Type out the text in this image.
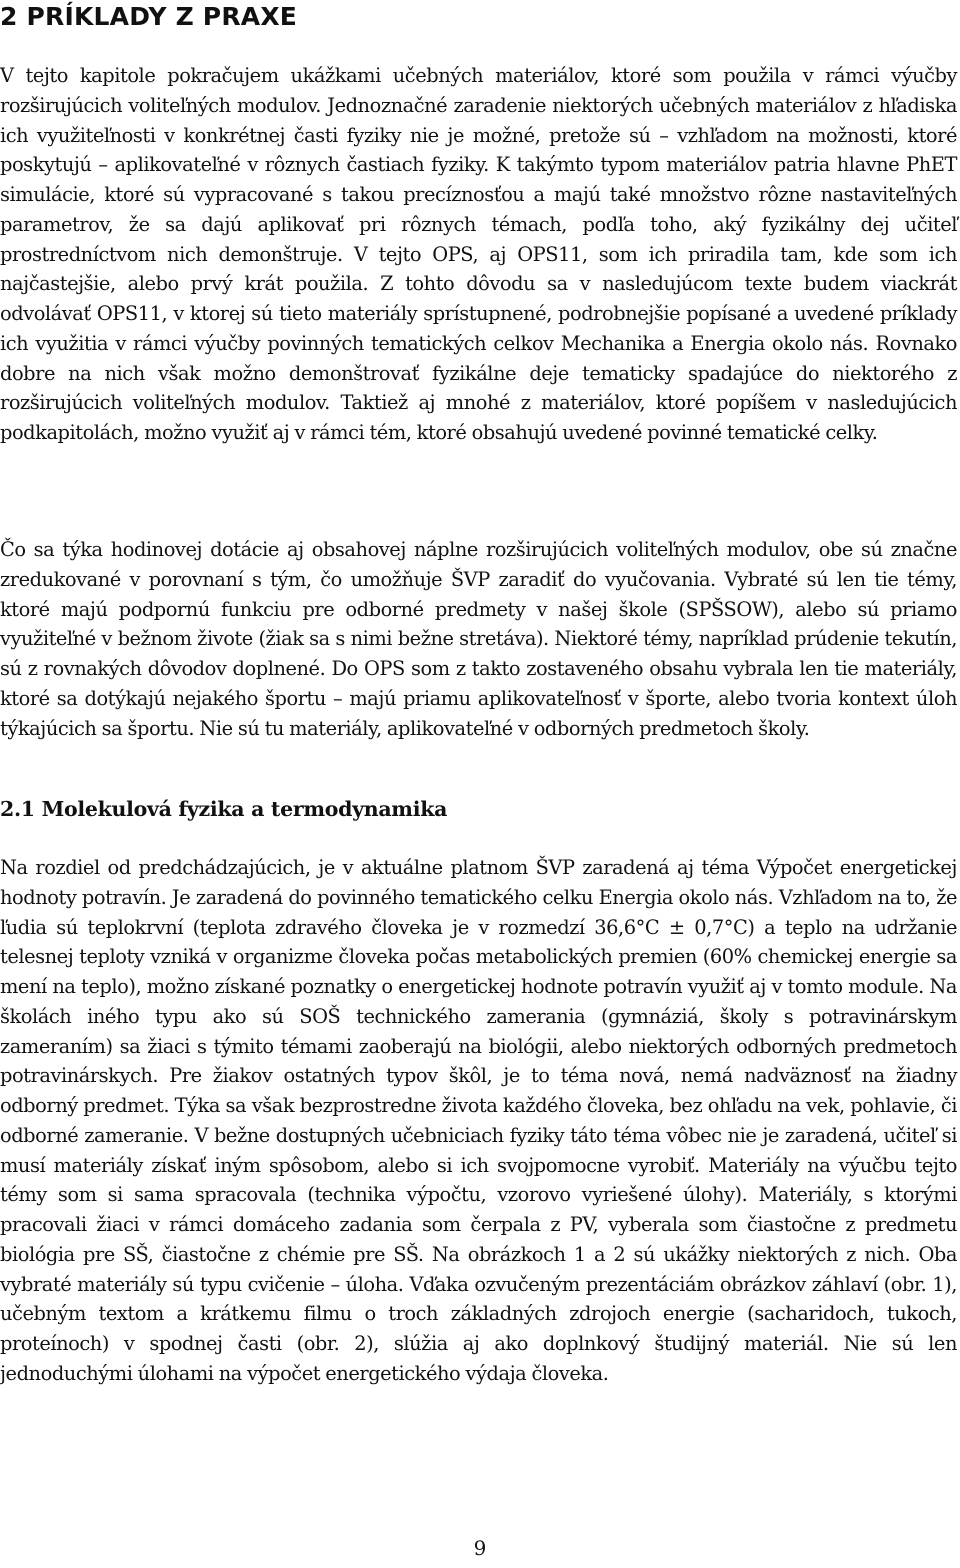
2 PRÍKLADY Z PRAXE

V tejto kapitole pokračujem ukážkami učebných materiálov, ktoré som použila v rámci výučby rozširujúcich voliteľných modulov. Jednoznačné zaradenie niektorých učebných materiálov z hľadiska ich využiteľnosti v konkrétnej časti fyziky nie je možné, pretože sú – vzhľadom na možnosti, ktoré poskytujú – aplikovateľné v rôznych častiach fyziky. K takýmto typom materiálov patria hlavne PhET simulácie, ktoré sú vypracované s takou precíznosťou a majú také množstvo rôzne nastaviteľných parametrov, že sa dajú aplikovať pri rôznych témach, podľa toho, aký fyzikálny dej učiteľ prostredníctvom nich demonštruje. V tejto OPS, aj OPS11, som ich priradila tam, kde som ich najčastejšie, alebo prvý krát použila. Z tohto dôvodu sa v nasledujúcom texte budem viackrát odvolávať OPS11, v ktorej sú tieto materiály sprístupnené, podrobnejšie popísané a uvedené príklady ich využitia v rámci výučby povinných tematických celkov Mechanika a Energia okolo nás. Rovnako dobre na nich však možno demonštrovať fyzikálne deje tematicky spadajúce do niektorého z rozširujúcich voliteľných modulov. Taktiež aj mnohé z materiálov, ktoré popíšem v nasledujúcich podkapitolách, možno využiť aj v rámci tém, ktoré obsahujú uvedené povinné tematické celky.

Čo sa týka hodinovej dotácie aj obsahovej náplne rozširujúcich voliteľných modulov, obe sú značne zredukované v porovnaní s tým, čo umožňuje ŠVP zaradiť do vyučovania. Vybraté sú len tie témy, ktoré majú podpornú funkciu pre odborné predmety v našej škole (SPŠSOW), alebo sú priamo využiteľné v bežnom živote (žiak sa s nimi bežne stretáva). Niektoré témy, napríklad prúdenie tekutín, sú z rovnakých dôvodov doplnené. Do OPS som z takto zostaveného obsahu vybrala len tie materiály, ktoré sa dotýkajú nejakého športu – majú priamu aplikovateľnosť v športe, alebo tvoria kontext úloh týkajúcich sa športu. Nie sú tu materiály, aplikovateľné v odborných predmetoch školy.

2.1 Molekulová fyzika a termodynamika

Na rozdiel od predchádzajúcich, je v aktuálne platnom ŠVP zaradená aj téma Výpočet energetickej hodnoty potravín. Je zaradená do povinného tematického celku Energia okolo nás. Vzhľadom na to, že ľudia sú teplokrvní (teplota zdravého človeka je v rozmedzí 36,6°C ± 0,7°C) a teplo na udržanie telesnej teploty vzniká v organizme človeka počas metabolických premien (60% chemickej energie sa mení na teplo), možno získané poznatky o energetickej hodnote potravín využiť aj v tomto module. Na školách iného typu ako sú SOŠ technického zamerania (gymnáziá, školy s potravinárskym zameraním) sa žiaci s týmito témami zaoberajú na biológii, alebo niektorých odborných predmetoch potravinárskych. Pre žiakov ostatných typov škôl, je to téma nová, nemá nadväznosť na žiadny odborný predmet. Týka sa však bezprostredne života každého človeka, bez ohľadu na vek, pohlavie, či odborné zameranie. V bežne dostupných učebniciach fyziky táto téma vôbec nie je zaradená, učiteľ si musí materiály získať iným spôsobom, alebo si ich svojpomocne vyrobiť. Materiály na výučbu tejto témy som si sama spracovala (technika výpočtu, vzorovo vyriešené úlohy). Materiály, s ktorými pracovali žiaci v rámci domáceho zadania som čerpala z PV, vyberala som čiastočne z predmetu biológia pre SŠ, čiastočne z chémie pre SŠ. Na obrázkoch 1 a 2 sú ukážky niektorých z nich. Oba vybraté materiály sú typu cvičenie – úloha. Vďaka ozvučeným prezentáciám obrázkov záhlaví (obr. 1), učebným textom a krátkemu filmu o troch základných zdrojoch energie (sacharidoch, tukoch, proteínoch) v spodnej časti (obr. 2), slúžia aj ako doplnkový študijný materiál. Nie sú len jednoduchými úlohami na výpočet energetického výdaja človeka.

9
